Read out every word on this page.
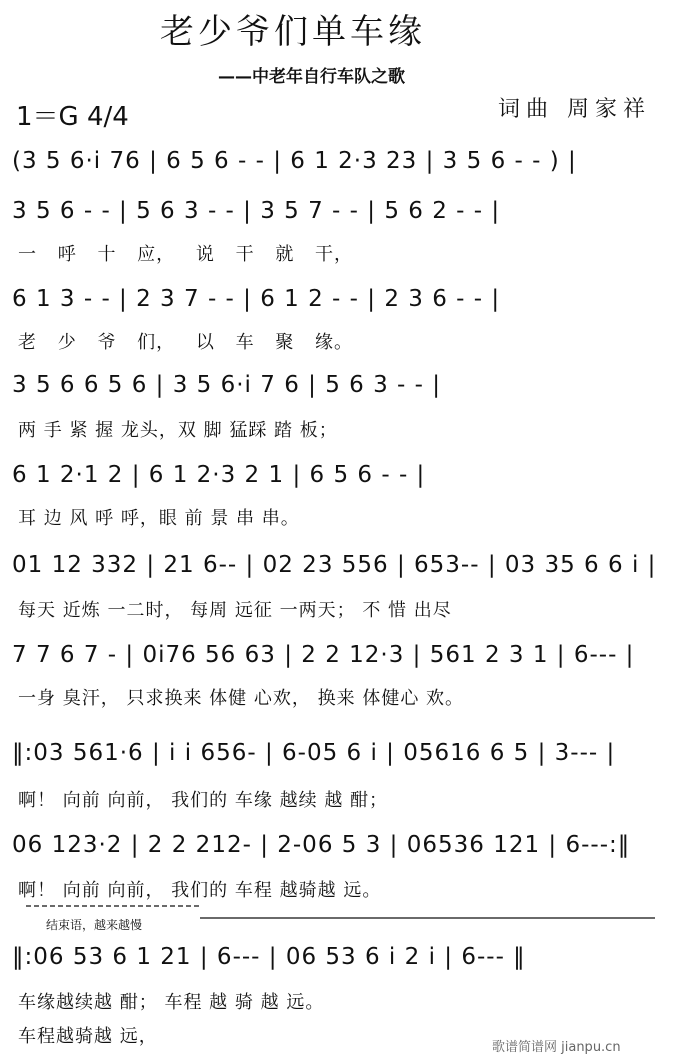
老少爷们单车缘
——中老年自行车队之歌
1＝G 4/4	词曲 周家祥
(3 5 6·i 76 | 6 5 6 - - | 6 1 2·3 23 | 3 5 6 - - ) |
3 5 6 - - | 5 6 3 - - | 3 5 7 - - | 5 6 2 - - |
一 呼 十 应， 说 干 就 干，
6 1 3 - - | 2 3 7 - - | 6 1 2 - - | 2 3 6 - - |
老 少 爷 们， 以 车 聚 缘。
3 5 6 6 5 6 | 3 5 6·i 7 6 | 5 6 3 - - |
两 手 紧 握 龙头，双 脚 猛踩 踏 板；
6 1 2·1 2 | 6 1 2·3 2 1 | 6 5 6 - - |
耳 边 风 呼 呼，眼 前 景 串 串。
01 12 332 | 21 6-- | 02 23 556 | 653-- | 03 35 6 6 i |
每天 近炼 一二时， 每周 远征 一两天； 不 惜 出尽
7 7 6 7 - | 0i76 56 63 | 2 2 12·3 | 561 2 3 1 | 6--- |
一身 臭汗， 只求换来 体健 心欢， 换来 体健心 欢。
‖:03 561·6 | i i 656- | 6-05 6 i | 05616 6 5 | 3--- |
啊！ 向前 向前， 我们的 车缘 越续 越 酣；
06 123·2 | 2 2 212- | 2-06 5 3 | 06536 121 | 6---:‖
啊！ 向前 向前， 我们的 车程 越骑越 远。
结束语，越来越慢
‖:06 53 6 1 21 | 6--- | 06 53 6 i 2 i | 6--- ‖
车缘越续越 酣； 车程 越 骑 越 远。
车程越骑越 远，
歌谱简谱网 jianpu.cn
